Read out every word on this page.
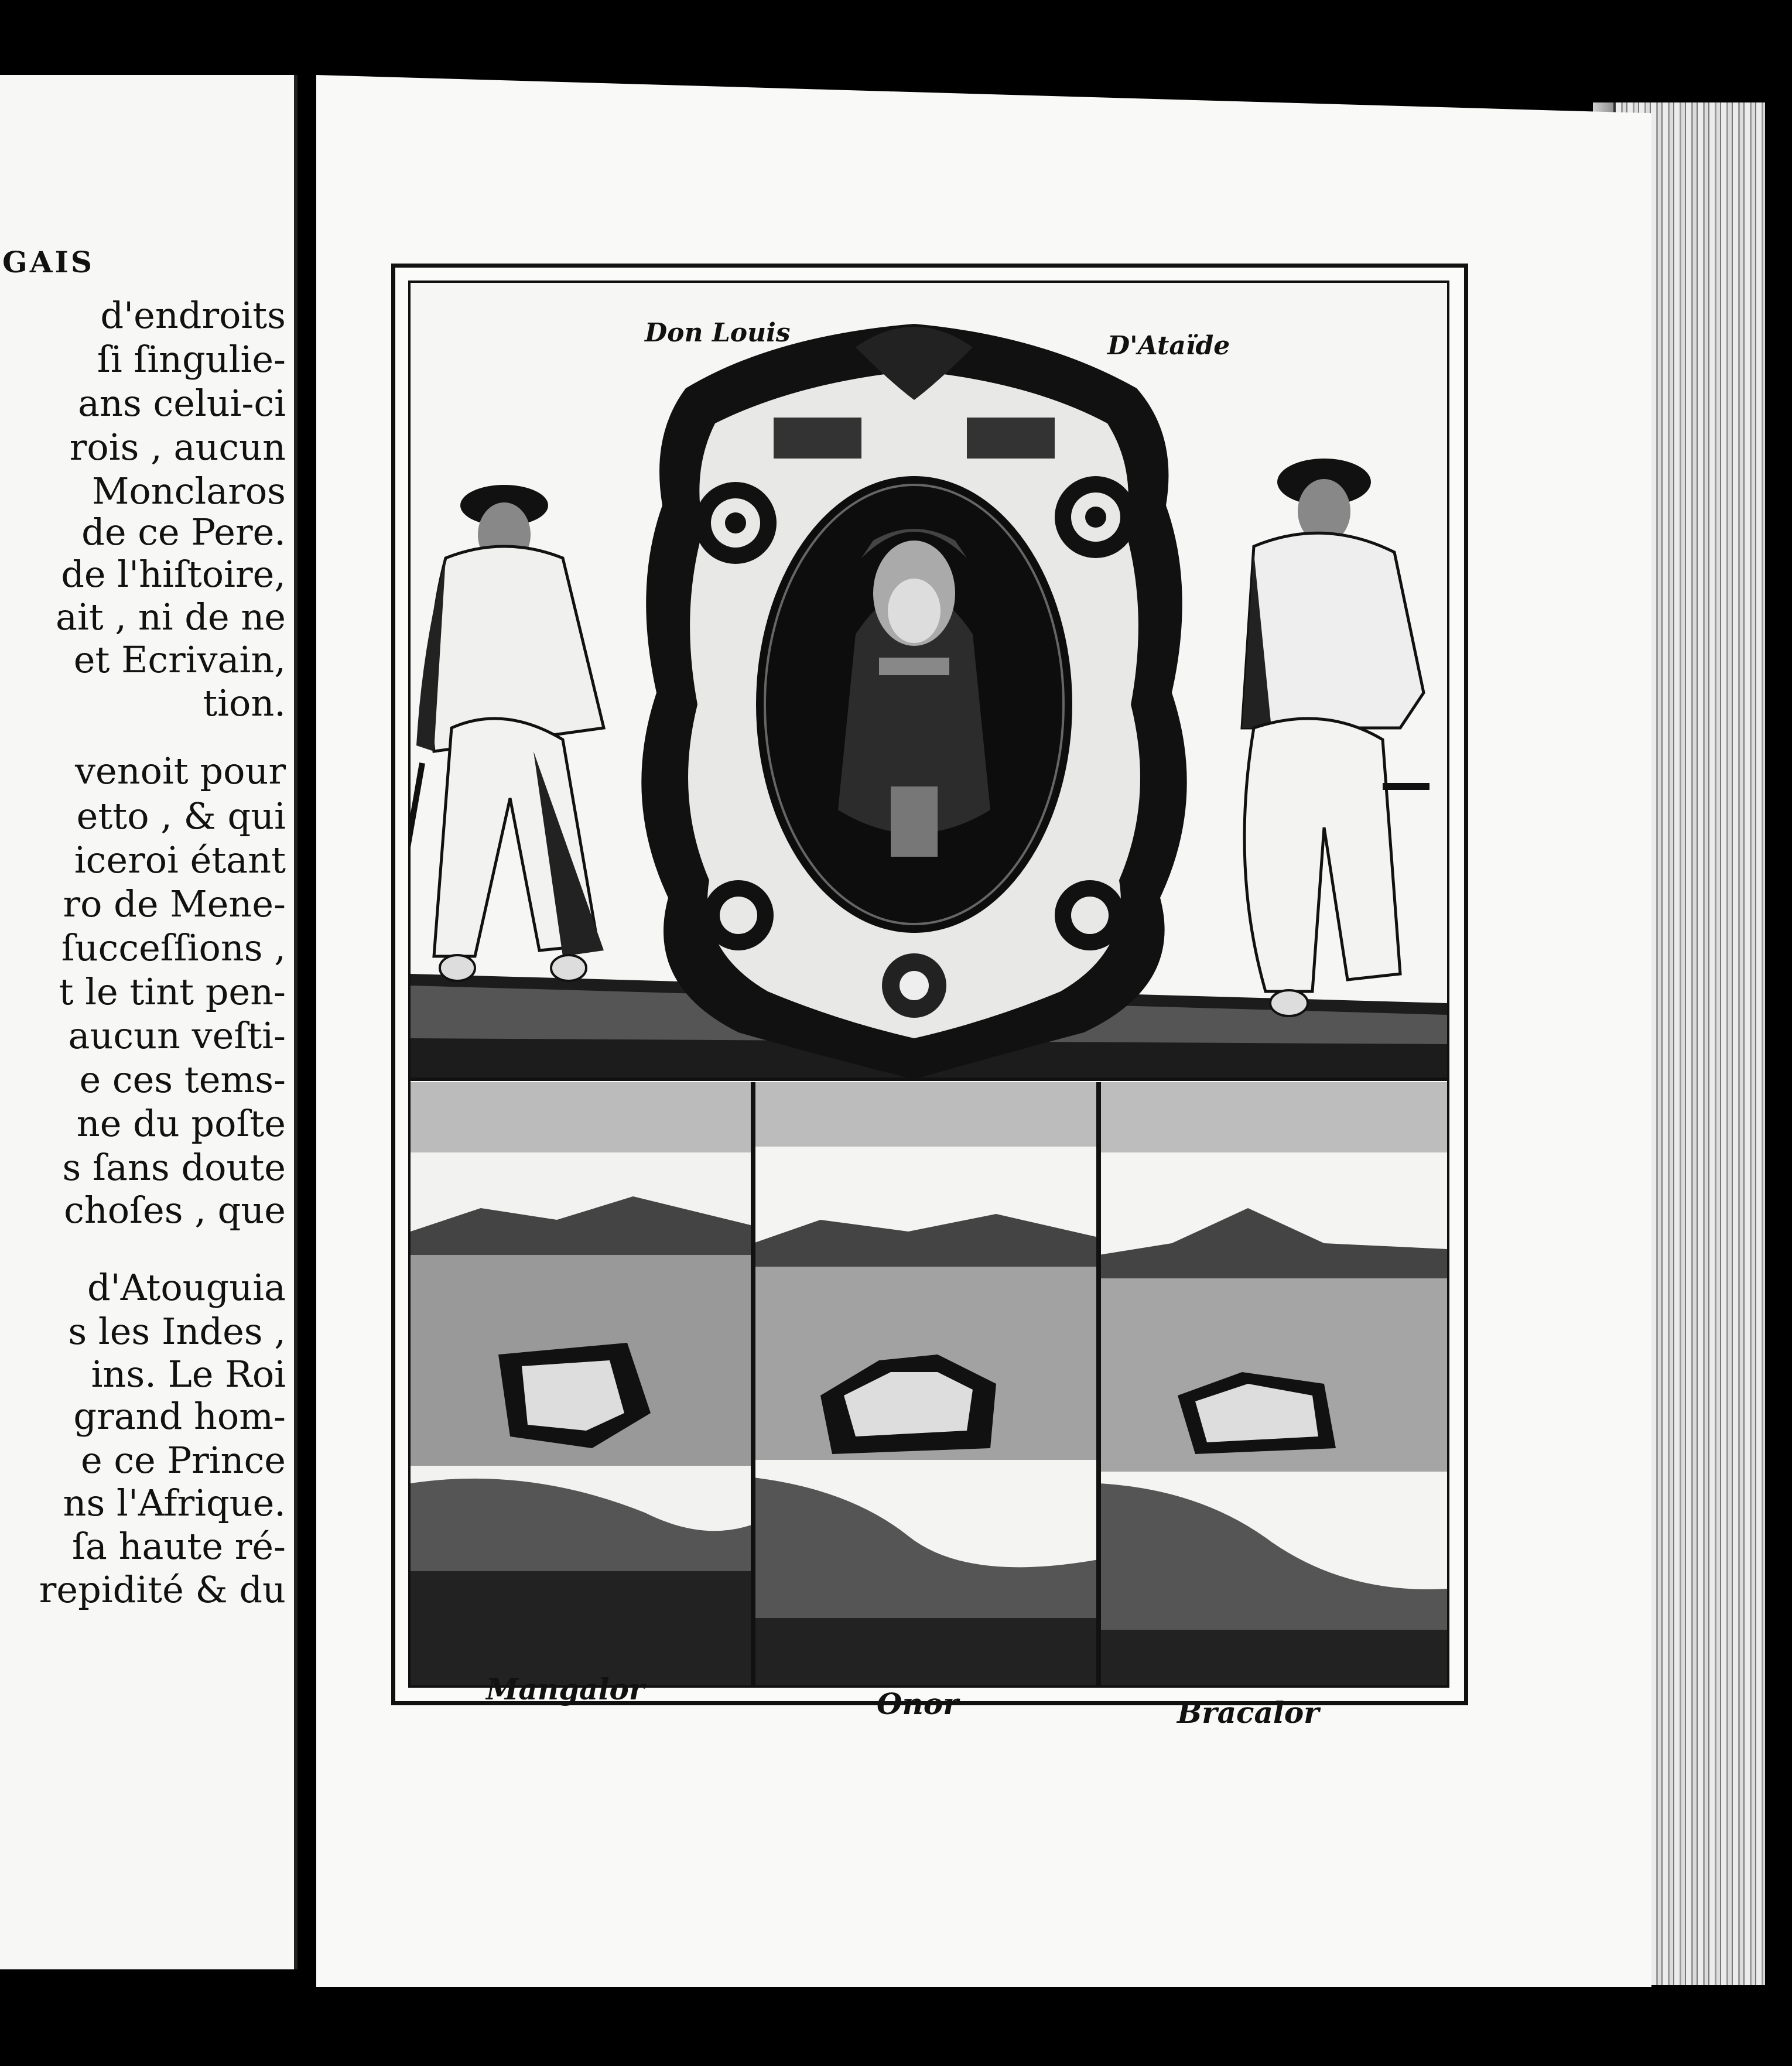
GAIS
d'endroits
ſi ſingulie-
ans celui-ci
rois , aucun
Monclaros
de ce Pere.
de l'hiſtoire,
ait , ni de ne
et Ecrivain,
tion.
venoit pour
etto , & qui
iceroi étant
ro de Mene-
ſucceſſions ,
t le tint pen-
aucun veſti-
e ces tems-
ne du poſte
s ſans doute
choſes , que
d'Atouguia
s les Indes ,
ins. Le Roi
grand hom-
e ce Prince
ns l'Afrique.
ſa haute ré-
repidité & du
Don Louis	D'Ataïde
Mangalor	Onor	Bracalor
